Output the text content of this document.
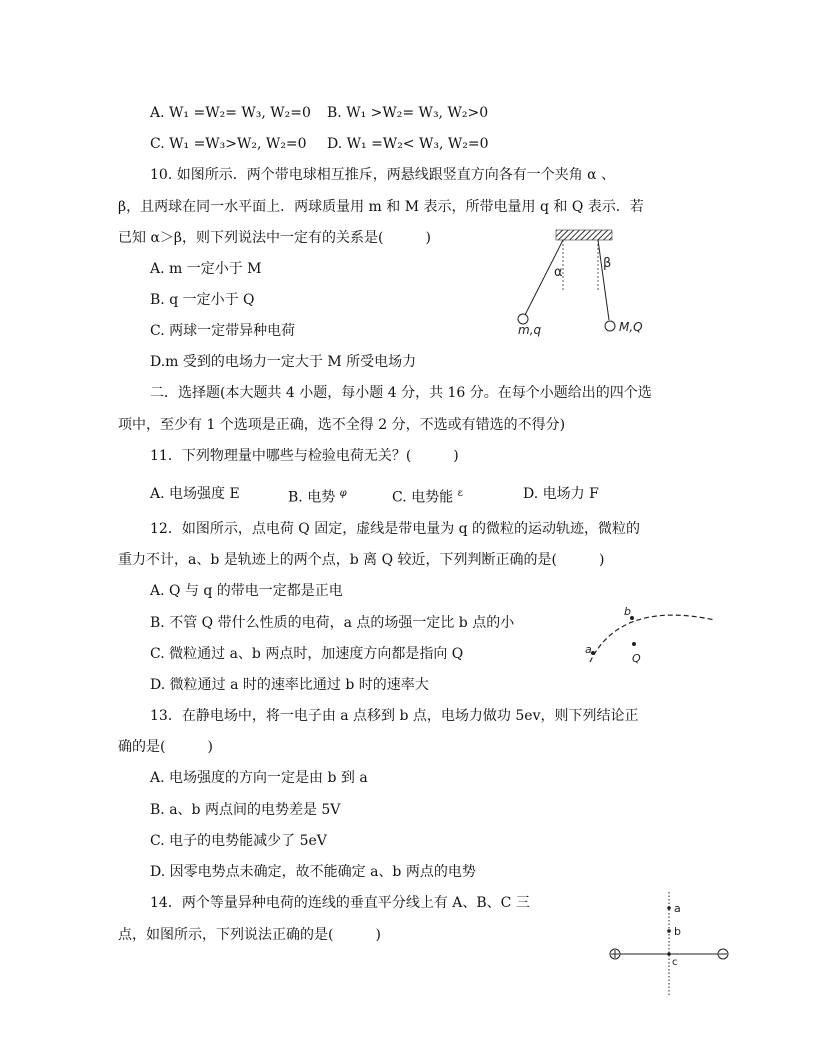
A. W₁ =W₂= W₃, W₂=0 B. W₁ >W₂= W₃, W₂>0
C. W₁ =W₃>W₂, W₂=0 D. W₁ =W₂< W₃, W₂=0
10. 如图所示．两个带电球相互推斥，两悬线跟竖直方向各有一个夹角 α 、
β，且两球在同一水平面上．两球质量用 m 和 M 表示，所带电量用 q 和 Q 表示．若
已知 α＞β，则下列说法中一定有的关系是(　　　)
A. m 一定小于 M
B. q 一定小于 Q
C. 两球一定带异种电荷
D.m 受到的电场力一定大于 M 所受电场力
α
β
m,q	M,Q
二．选择题(本大题共 4 小题，每小题 4 分，共 16 分。在每个小题给出的四个选
项中，至少有 1 个选项是正确，选不全得 2 分，不选或有错选的不得分)
11．下列物理量中哪些与检验电荷无关？(　　　)
A. 电场强度 E	B. 电势 $^\varphi$	C. 电势能 $^\varepsilon$	D. 电场力 F
12．如图所示，点电荷 Q 固定，虚线是带电量为 q 的微粒的运动轨迹，微粒的
重力不计，a、b 是轨迹上的两个点，b 离 Q 较近，下列判断正确的是(　　　)
A. Q 与 q 的带电一定都是正电
B. 不管 Q 带什么性质的电荷，a 点的场强一定比 b 点的小
C. 微粒通过 a、b 两点时，加速度方向都是指向 Q
D. 微粒通过 a 时的速率比通过 b 时的速率大
a
b
Q
13．在静电场中，将一电子由 a 点移到 b 点，电场力做功 5ev，则下列结论正
确的是(　　　)
A. 电场强度的方向一定是由 b 到 a
B. a、b 两点间的电势差是 5V
C. 电子的电势能减少了 5eV
D. 因零电势点未确定，故不能确定 a、b 两点的电势
14．两个等量异种电荷的连线的垂直平分线上有 A、B、C 三
点，如图所示，下列说法正确的是(　　　)
a
b
c
